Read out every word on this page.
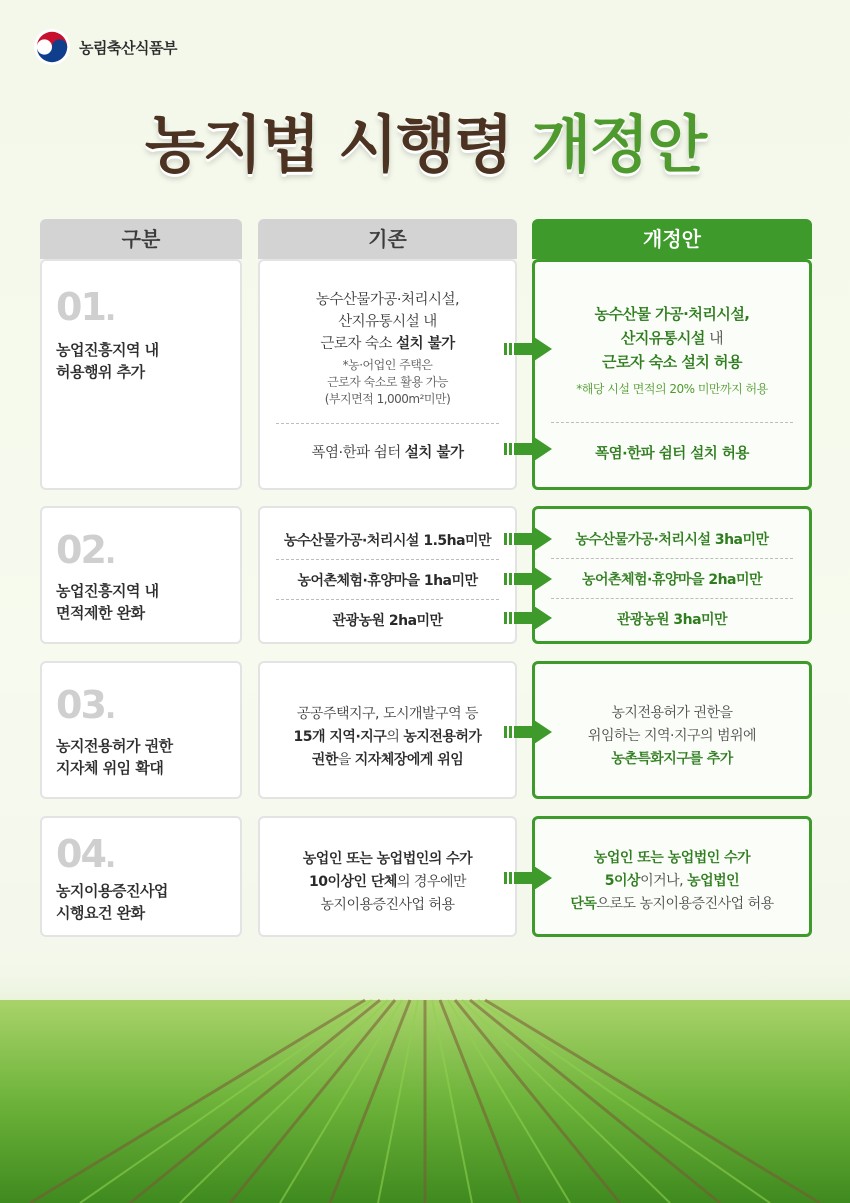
농림축산식품부
농지법 시행령 개정안
구분	기존	개정안
01.
농업진흥지역 내
허용행위 추가
농수산물가공·처리시설,
산지유통시설 내
근로자 숙소 설치 불가
*농·어업인 주택은
근로자 숙소로 활용 가능
(부지면적 1,000m²미만)
폭염·한파 쉼터 설치 불가
농수산물 가공·처리시설,
산지유통시설 내
근로자 숙소 설치 허용
*해당 시설 면적의 20% 미만까지 허용
폭염·한파 쉼터 설치 허용
02.
농업진흥지역 내
면적제한 완화
농수산물가공·처리시설 1.5ha미만
농어촌체험·휴양마을 1ha미만
관광농원 2ha미만
농수산물가공·처리시설 3ha미만
농어촌체험·휴양마을 2ha미만
관광농원 3ha미만
03.
농지전용허가 권한
지자체 위임 확대
공공주택지구, 도시개발구역 등
15개 지역·지구의 농지전용허가
권한을 지자체장에게 위임
농지전용허가 권한을
위임하는 지역·지구의 범위에
농촌특화지구를 추가
04.
농지이용증진사업
시행요건 완화
농업인 또는 농업법인의 수가
10이상인 단체의 경우에만
농지이용증진사업 허용
농업인 또는 농업법인 수가
5이상이거나, 농업법인
단독으로도 농지이용증진사업 허용
